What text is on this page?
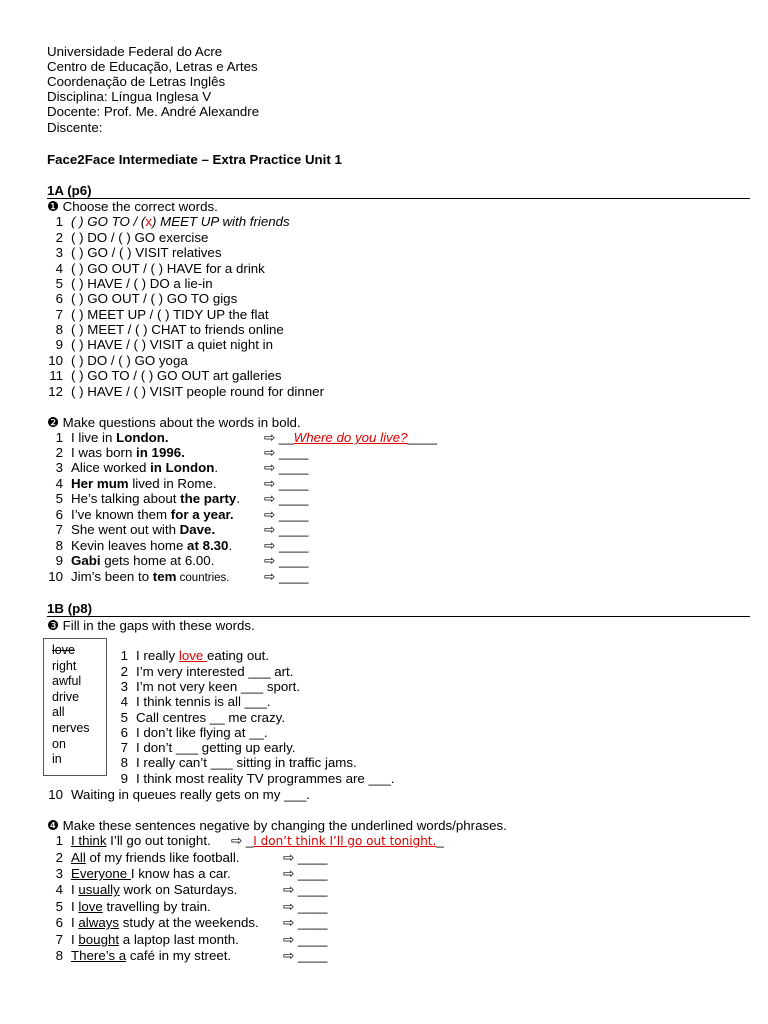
Universidade Federal do Acre
Centro de Educação, Letras e Artes
Coordenação de Letras Inglês
Disciplina: Língua Inglesa V
Docente: Prof. Me. André Alexandre
Discente:
Face2Face Intermediate – Extra Practice Unit 1
1A (p6)
❶ Choose the correct words.
1 ( ) GO TO / (x) MEET UP with friends
2 ( ) DO / ( ) GO exercise
3 ( ) GO / ( ) VISIT relatives
4 ( ) GO OUT / ( ) HAVE for a drink
5 ( ) HAVE / ( ) DO a lie-in
6 ( ) GO OUT / ( ) GO TO gigs
7 ( ) MEET UP / ( ) TIDY UP the flat
8 ( ) MEET / ( ) CHAT to friends online
9 ( ) HAVE / ( ) VISIT a quiet night in
10 ( ) DO / ( ) GO yoga
11 ( ) GO TO / ( ) GO OUT art galleries
12 ( ) HAVE / ( ) VISIT people round for dinner
❷ Make questions about the words in bold.
1 I live in London.	⇨ __Where do you live?____
2 I was born in 1996.	⇨ ____
3 Alice worked in London.	⇨ ____
4 Her mum lived in Rome.	⇨ ____
5 He’s talking about the party. ⇨ ____
6 I’ve known them for a year. ⇨ ____
7 She went out with Dave.	⇨ ____
8 Kevin leaves home at 8.30. ⇨ ____
9 Gabi gets home at 6.00.	⇨ ____
10 Jim’s been to tem countries.	⇨ ____
1B (p8)
❸ Fill in the gaps with these words.
love
right
awful
drive
all
nerves
on
in
1 I really love eating out.
2 I’m very interested ___ art.
3 I’m not very keen ___ sport.
4 I think tennis is all ___.
5 Call centres __ me crazy.
6 I don’t like flying at __.
7 I don’t ___ getting up early.
8 I really can’t ___ sitting in traffic jams.
9 I think most reality TV programmes are ___.
10 Waiting in queues really gets on my ___.
❹ Make these sentences negative by changing the underlined words/phrases.
1 I think I’ll go out tonight. ⇨ _I don’t think I’ll go out tonight._
2 All of my friends like football.	⇨ ____
3 Everyone I know has a car.	⇨ ____
4 I usually work on Saturdays.	⇨ ____
5 I love travelling by train.	⇨ ____
6 I always study at the weekends. ⇨ ____
7 I bought a laptop last month.	⇨ ____
8 There’s a café in my street.	⇨ ____
